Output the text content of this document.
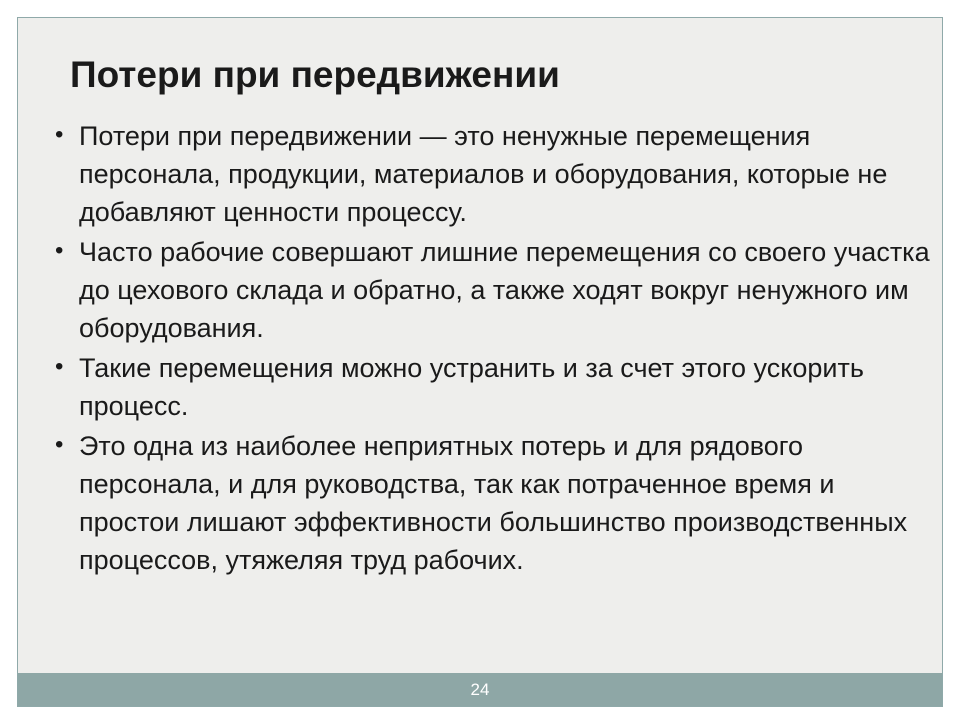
Потери при передвижении
• Потери при передвижении — это ненужные перемещения персонала, продукции, материалов и оборудования, которые не добавляют ценности процессу.
• Часто рабочие совершают лишние перемещения со своего участка до цехового склада и обратно, а также ходят вокруг ненужного им оборудования.
• Такие перемещения можно устранить и за счет этого ускорить процесс.
• Это одна из наиболее неприятных потерь и для рядового персонала, и для руководства, так как потраченное время и простои лишают эффективности большинство производственных процессов, утяжеляя труд рабочих.
24
